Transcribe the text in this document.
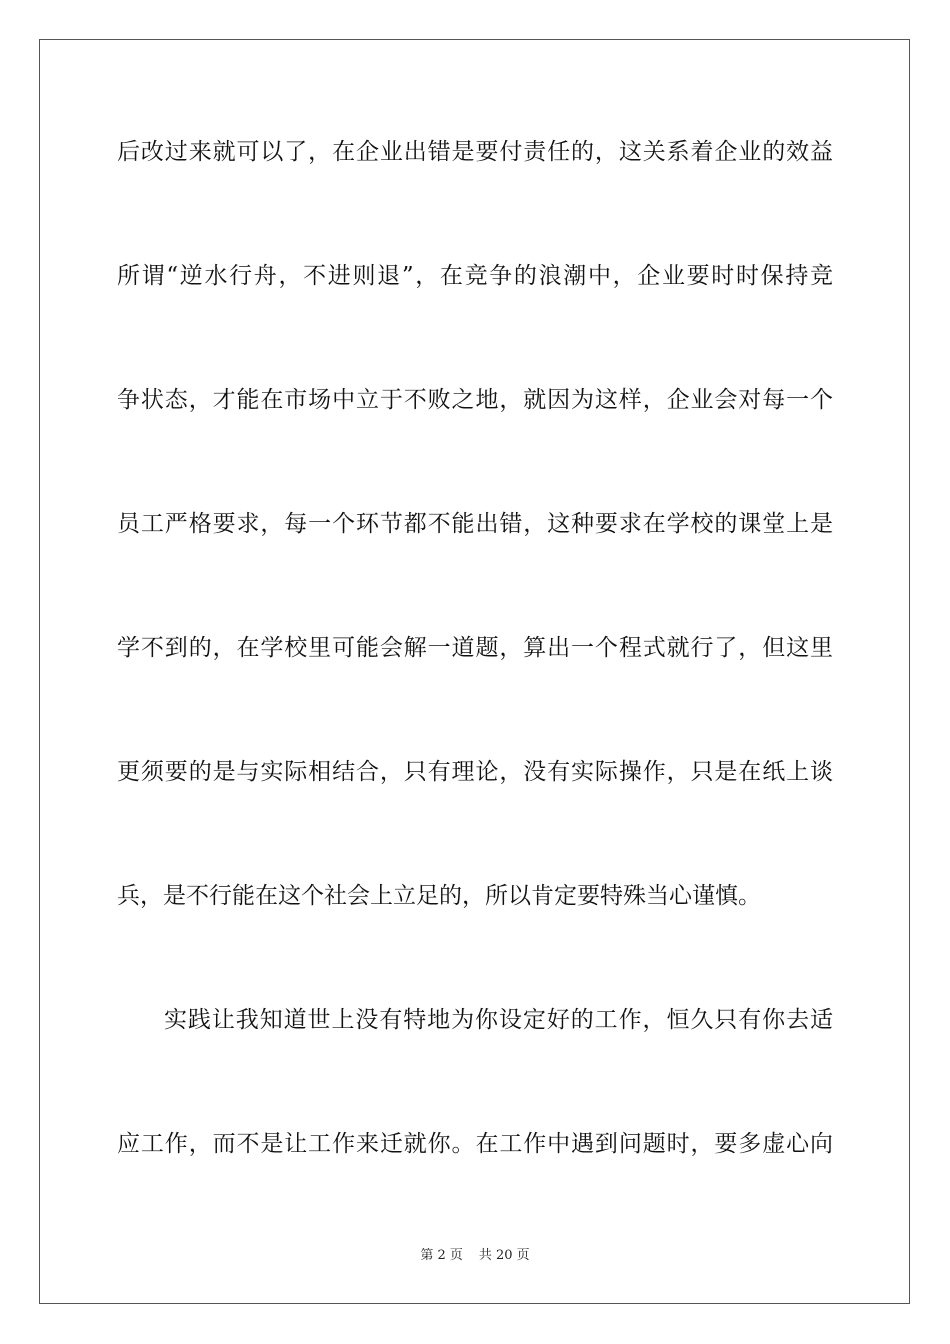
后改过来就可以了，在企业出错是要付责任的，这关系着企业的效益
所谓“逆水行舟，不进则退”，在竞争的浪潮中，企业要时时保持竞
争状态，才能在市场中立于不败之地，就因为这样，企业会对每一个
员工严格要求，每一个环节都不能出错，这种要求在学校的课堂上是
学不到的，在学校里可能会解一道题，算出一个程式就行了，但这里
更须要的是与实际相结合，只有理论，没有实际操作，只是在纸上谈
兵，是不行能在这个社会上立足的，所以肯定要特殊当心谨慎。
实践让我知道世上没有特地为你设定好的工作，恒久只有你去适
应工作，而不是让工作来迁就你。在工作中遇到问题时，要多虚心向
第 2 页 共 20 页
